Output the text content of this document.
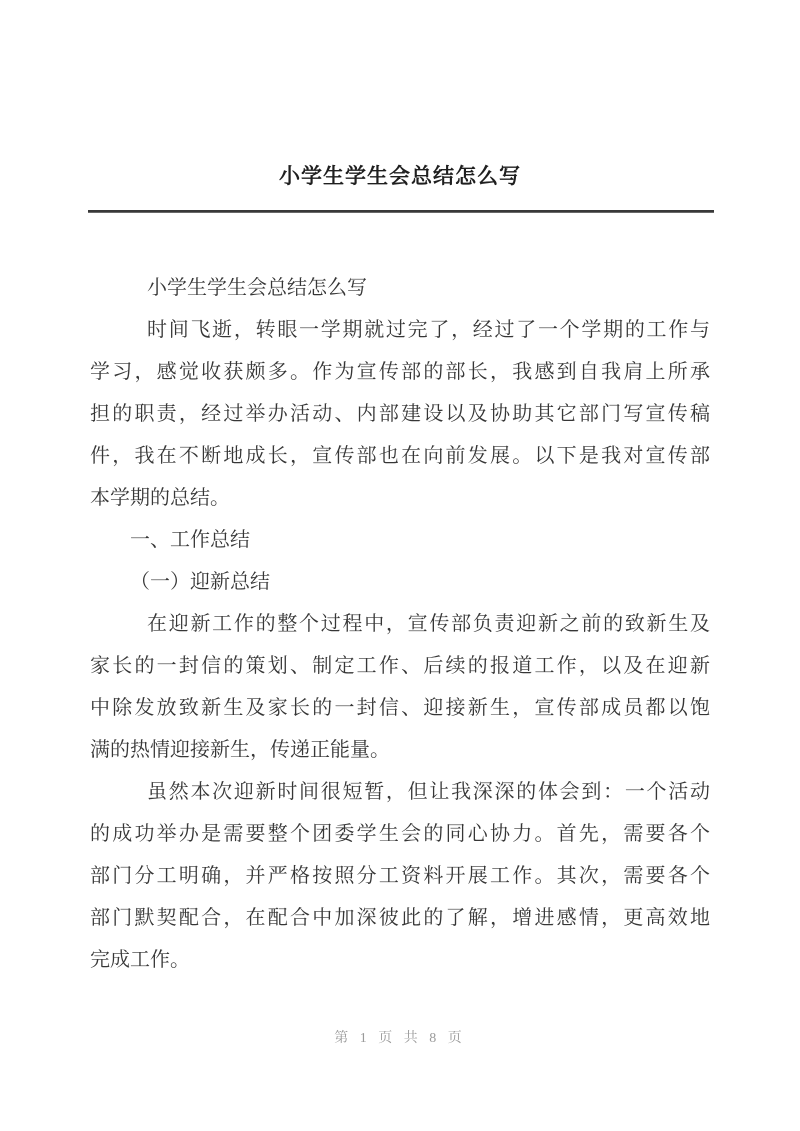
小学生学生会总结怎么写
小学生学生会总结怎么写
时间飞逝，转眼一学期就过完了，经过了一个学期的工作与
学习，感觉收获颇多。作为宣传部的部长，我感到自我肩上所承
担的职责，经过举办活动、内部建设以及协助其它部门写宣传稿
件，我在不断地成长，宣传部也在向前发展。以下是我对宣传部
本学期的总结。
一、工作总结
（一）迎新总结
在迎新工作的整个过程中，宣传部负责迎新之前的致新生及
家长的一封信的策划、制定工作、后续的报道工作，以及在迎新
中除发放致新生及家长的一封信、迎接新生，宣传部成员都以饱
满的热情迎接新生，传递正能量。
虽然本次迎新时间很短暂，但让我深深的体会到：一个活动
的成功举办是需要整个团委学生会的同心协力。首先，需要各个
部门分工明确，并严格按照分工资料开展工作。其次，需要各个
部门默契配合，在配合中加深彼此的了解，增进感情，更高效地
完成工作。
第 1 页 共 8 页
